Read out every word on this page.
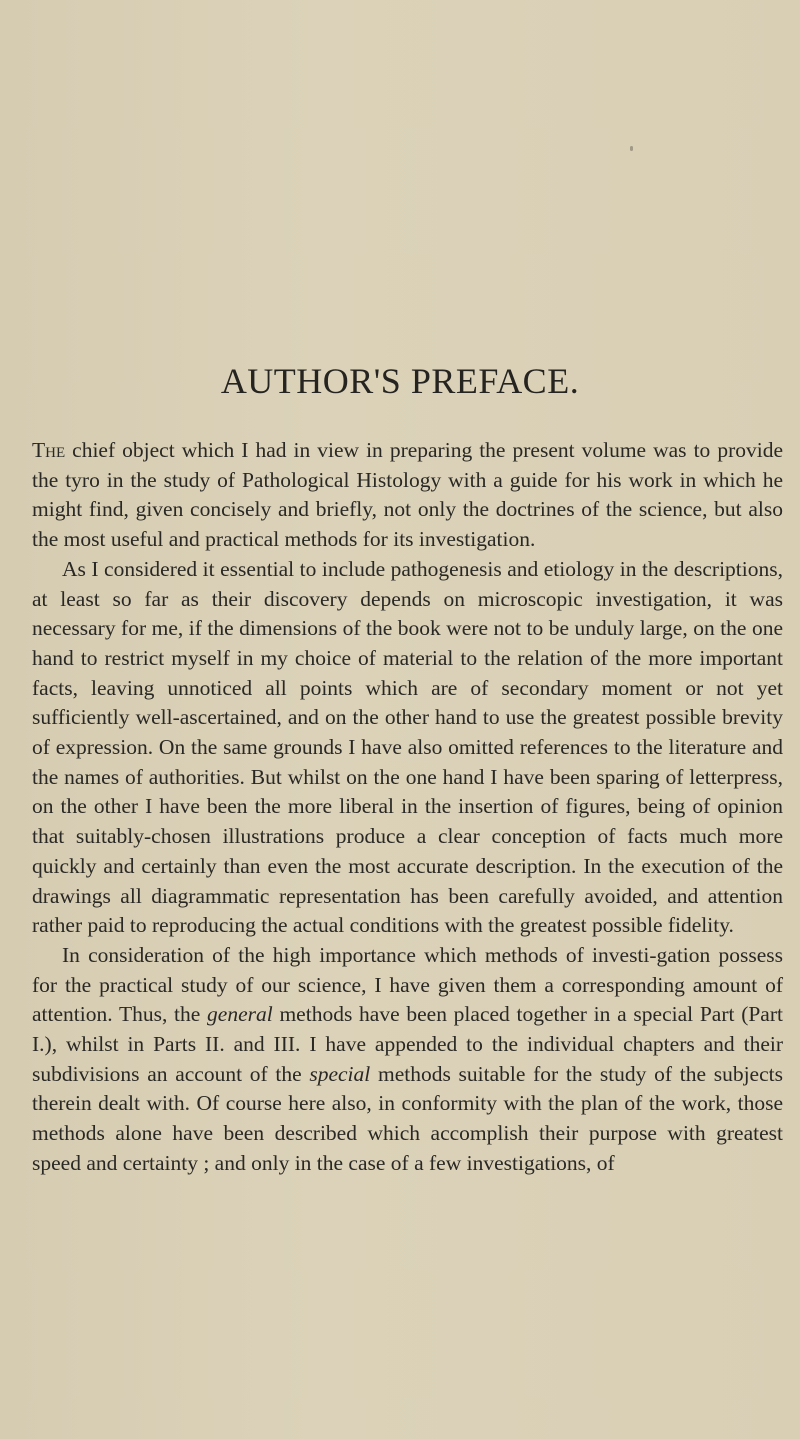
AUTHOR'S PREFACE.

The chief object which I had in view in preparing the present volume was to provide the tyro in the study of Pathological Histology with a guide for his work in which he might find, given concisely and briefly, not only the doctrines of the science, but also the most useful and practical methods for its investigation.

As I considered it essential to include pathogenesis and etiology in the descriptions, at least so far as their discovery depends on microscopic investigation, it was necessary for me, if the dimensions of the book were not to be unduly large, on the one hand to restrict myself in my choice of material to the relation of the more important facts, leaving unnoticed all points which are of secondary moment or not yet sufficiently well-ascertained, and on the other hand to use the greatest possible brevity of expression. On the same grounds I have also omitted references to the literature and the names of authorities. But whilst on the one hand I have been sparing of letterpress, on the other I have been the more liberal in the insertion of figures, being of opinion that suitably-chosen illustrations produce a clear conception of facts much more quickly and certainly than even the most accurate description. In the execution of the drawings all diagrammatic representation has been carefully avoided, and attention rather paid to reproducing the actual conditions with the greatest possible fidelity.

In consideration of the high importance which methods of investi-gation possess for the practical study of our science, I have given them a corresponding amount of attention. Thus, the general methods have been placed together in a special Part (Part I.), whilst in Parts II. and III. I have appended to the individual chapters and their subdivisions an account of the special methods suitable for the study of the subjects therein dealt with. Of course here also, in conformity with the plan of the work, those methods alone have been described which accomplish their purpose with greatest speed and certainty ; and only in the case of a few investigations, of
